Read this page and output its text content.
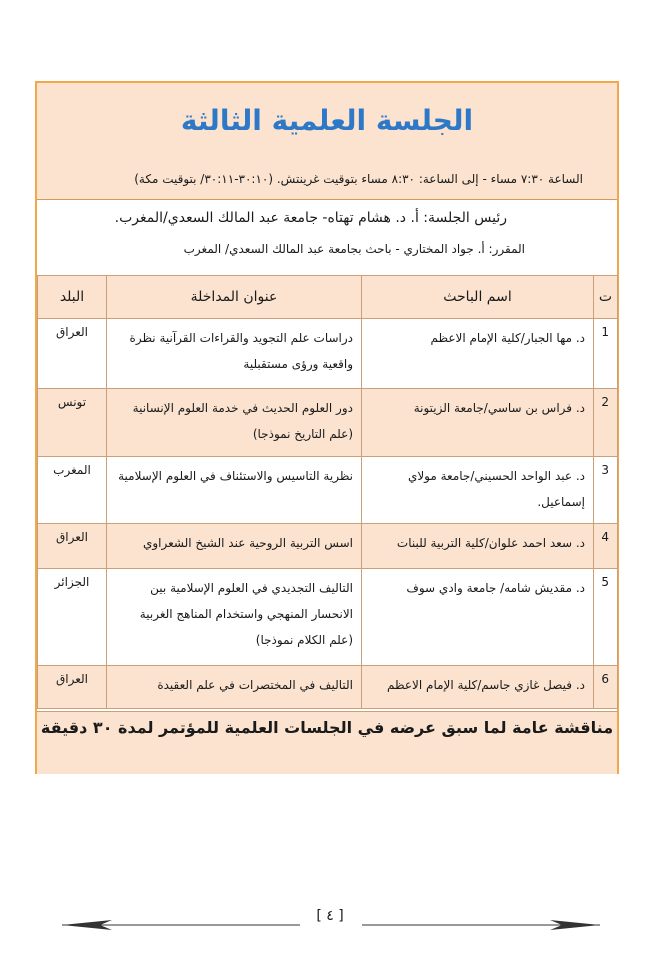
الجلسة العلمية الثالثة
الساعة ٧:٣٠ مساء - إلى الساعة: ٨:٣٠ مساء بتوقيت غرينتش. (٣٠:١٠-٣٠:١١/ بتوقيت مكة)
رئيس الجلسة: أ. د. هشام تهتاه- جامعة عبد المالك السعدي/المغرب.
المقرر: أ. جواد المختاري - باحث بجامعة عبد المالك السعدي/ المغرب
ت	اسم الباحث	عنوان المداخلة	البلد
1	د. مها الجبار/كلية الإمام الاعظم	دراسات علم التجويد والقراءات القرآنية نظرة واقعية ورؤى مستقبلية	العراق
2	د. فراس بن ساسي/جامعة الزيتونة	دور العلوم الحديث في خدمة العلوم الإنسانية (علم التاريخ نموذجا)	تونس
3	د. عبد الواحد الحسيني/جامعة مولاي إسماعيل.	نظرية التاسيس والاستئناف في العلوم الإسلامية	المغرب
4	د. سعد احمد علوان/كلية التربية للبنات	اسس التربية الروحية عند الشيخ الشعراوي	العراق
5	د. مقديش شامه/ جامعة وادي سوف	التاليف التجديدي في العلوم الإسلامية بين الانحسار المنهجي واستخدام المناهج الغربية (علم الكلام نموذجا)	الجزائر
6	د. فيصل غازي جاسم/كلية الإمام الاعظم	التاليف في المختصرات في علم العقيدة	العراق
مناقشة عامة لما سبق عرضه في الجلسات العلمية للمؤتمر لمدة ٣٠ دقيقة
[ ٤ ]
